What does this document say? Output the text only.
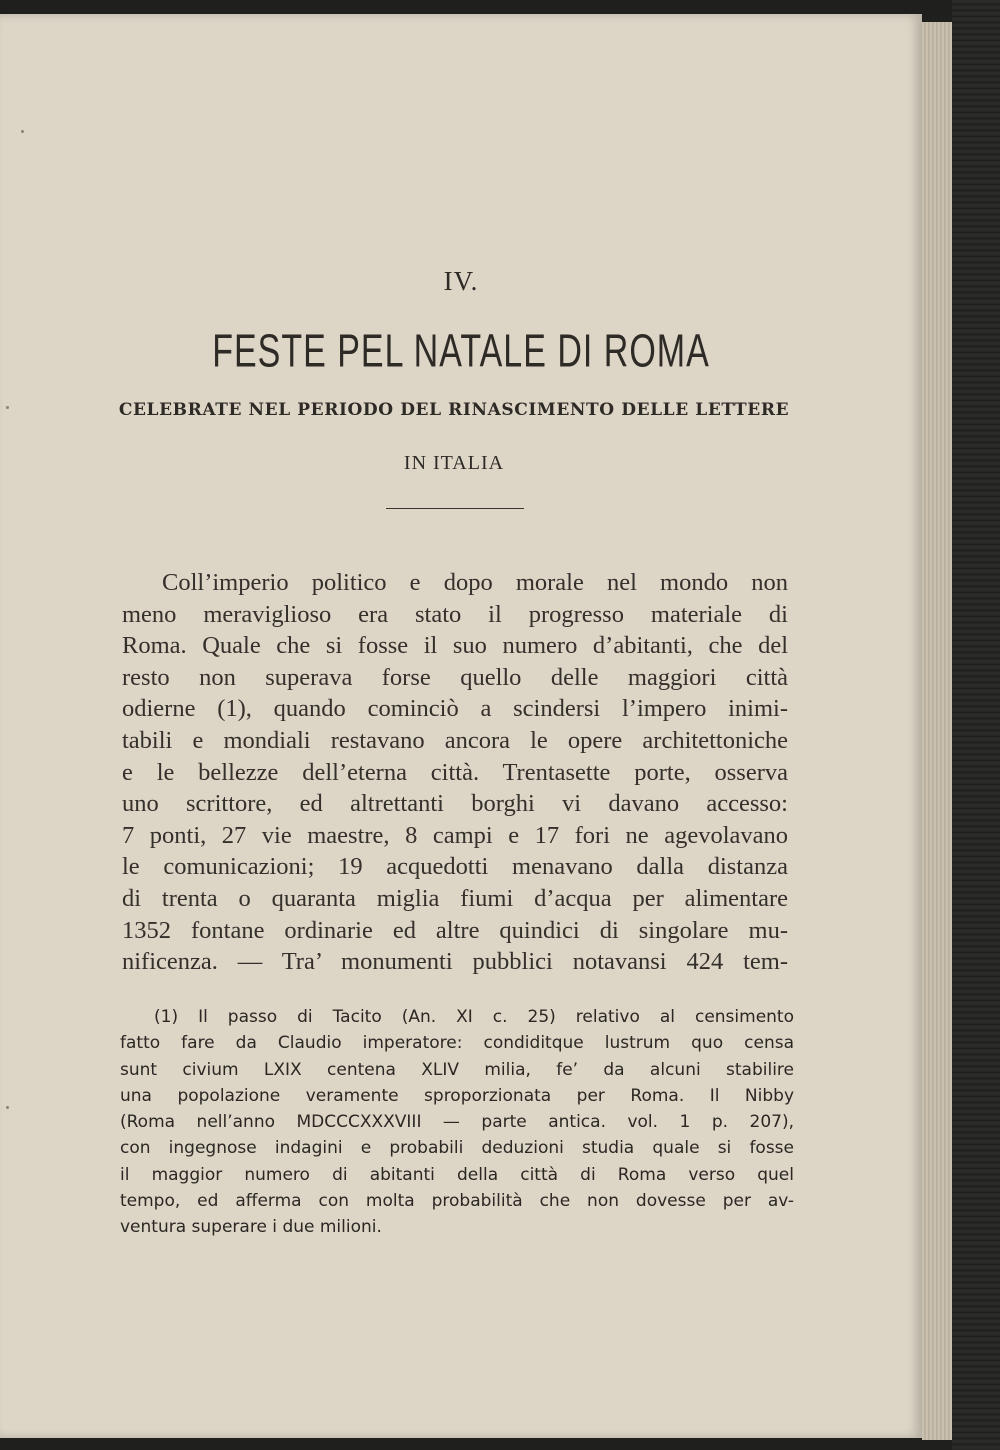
IV.
FESTE PEL NATALE DI ROMA
CELEBRATE NEL PERIODO DEL RINASCIMENTO DELLE LETTERE
IN ITALIA
Coll’imperio politico e dopo morale nel mondo non
meno meraviglioso era stato il progresso materiale di
Roma. Quale che si fosse il suo numero d’abitanti, che del
resto non superava forse quello delle maggiori città
odierne (1), quando cominciò a scindersi l’impero inimi-
tabili e mondiali restavano ancora le opere architettoniche
e le bellezze dell’eterna città. Trentasette porte, osserva
uno scrittore, ed altrettanti borghi vi davano accesso:
7 ponti, 27 vie maestre, 8 campi e 17 fori ne agevolavano
le comunicazioni; 19 acquedotti menavano dalla distanza
di trenta o quaranta miglia fiumi d’acqua per alimentare
1352 fontane ordinarie ed altre quindici di singolare mu-
nificenza. — Tra’ monumenti pubblici notavansi 424 tem-
(1) Il passo di Tacito (An. XI c. 25) relativo al censimento
fatto fare da Claudio imperatore: condiditque lustrum quo censa
sunt civium LXIX centena XLIV milia, fe’ da alcuni stabilire
una popolazione veramente sproporzionata per Roma. Il Nibby
(Roma nell’anno MDCCCXXXVIII — parte antica. vol. 1 p. 207),
con ingegnose indagini e probabili deduzioni studia quale si fosse
il maggior numero di abitanti della città di Roma verso quel
tempo, ed afferma con molta probabilità che non dovesse per av-
ventura superare i due milioni.
